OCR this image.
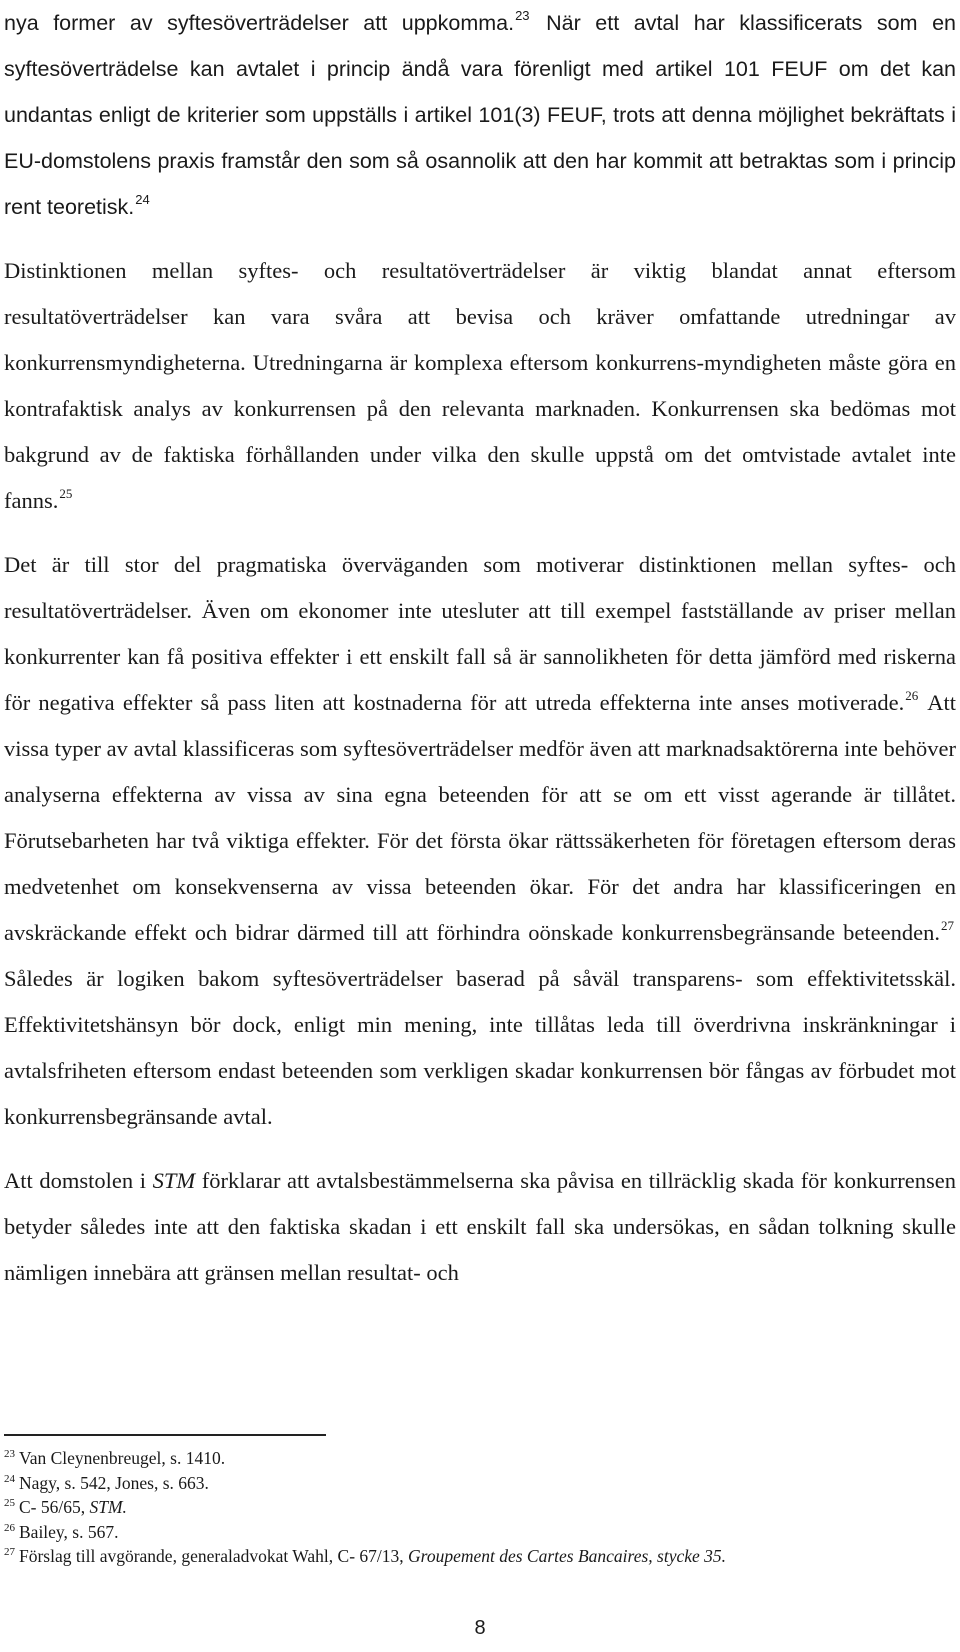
nya former av syftesöverträdelser att uppkomma.$^{23}$ När ett avtal har klassificerats som en syftesöverträdelse kan avtalet i princip ändå vara förenligt med artikel 101 FEUF om det kan undantas enligt de kriterier som uppställs i artikel 101(3) FEUF, trots att denna möjlighet bekräftats i EU-domstolens praxis framstår den som så osannolik att den har kommit att betraktas som i princip rent teoretisk.$^{24}$

Distinktionen mellan syftes- och resultatöverträdelser är viktig blandat annat eftersom resultatöverträdelser kan vara svåra att bevisa och kräver omfattande utredningar av konkurrensmyndigheterna. Utredningarna är komplexa eftersom konkurrens-myndigheten måste göra en kontrafaktisk analys av konkurrensen på den relevanta marknaden. Konkurrensen ska bedömas mot bakgrund av de faktiska förhållanden under vilka den skulle uppstå om det omtvistade avtalet inte fanns.$^{25}$

Det är till stor del pragmatiska överväganden som motiverar distinktionen mellan syftes- och resultatöverträdelser. Även om ekonomer inte utesluter att till exempel fastställande av priser mellan konkurrenter kan få positiva effekter i ett enskilt fall så är sannolikheten för detta jämförd med riskerna för negativa effekter så pass liten att kostnaderna för att utreda effekterna inte anses motiverade.$^{26}$ Att vissa typer av avtal klassificeras som syftesöverträdelser medför även att marknadsaktörerna inte behöver analyserna effekterna av vissa av sina egna beteenden för att se om ett visst agerande är tillåtet. Förutsebarheten har två viktiga effekter. För det första ökar rättssäkerheten för företagen eftersom deras medvetenhet om konsekvenserna av vissa beteenden ökar. För det andra har klassificeringen en avskräckande effekt och bidrar därmed till att förhindra oönskade konkurrensbegränsande beteenden.$^{27}$ Således är logiken bakom syftesöverträdelser baserad på såväl transparens- som effektivitetsskäl. Effektivitetshänsyn bör dock, enligt min mening, inte tillåtas leda till överdrivna inskränkningar i avtalsfriheten eftersom endast beteenden som verkligen skadar konkurrensen bör fångas av förbudet mot konkurrensbegränsande avtal.

Att domstolen i STM förklarar att avtalsbestämmelserna ska påvisa en tillräcklig skada för konkurrensen betyder således inte att den faktiska skadan i ett enskilt fall ska undersökas, en sådan tolkning skulle nämligen innebära att gränsen mellan resultat- och

$^{23}$ Van Cleynenbreugel, s. 1410.

$^{24}$ Nagy, s. 542, Jones, s. 663.

$^{25}$ C- 56/65, STM.

$^{26}$ Bailey, s. 567.

$^{27}$ Förslag till avgörande, generaladvokat Wahl, C- 67/13, Groupement des Cartes Bancaires, stycke 35.

8
